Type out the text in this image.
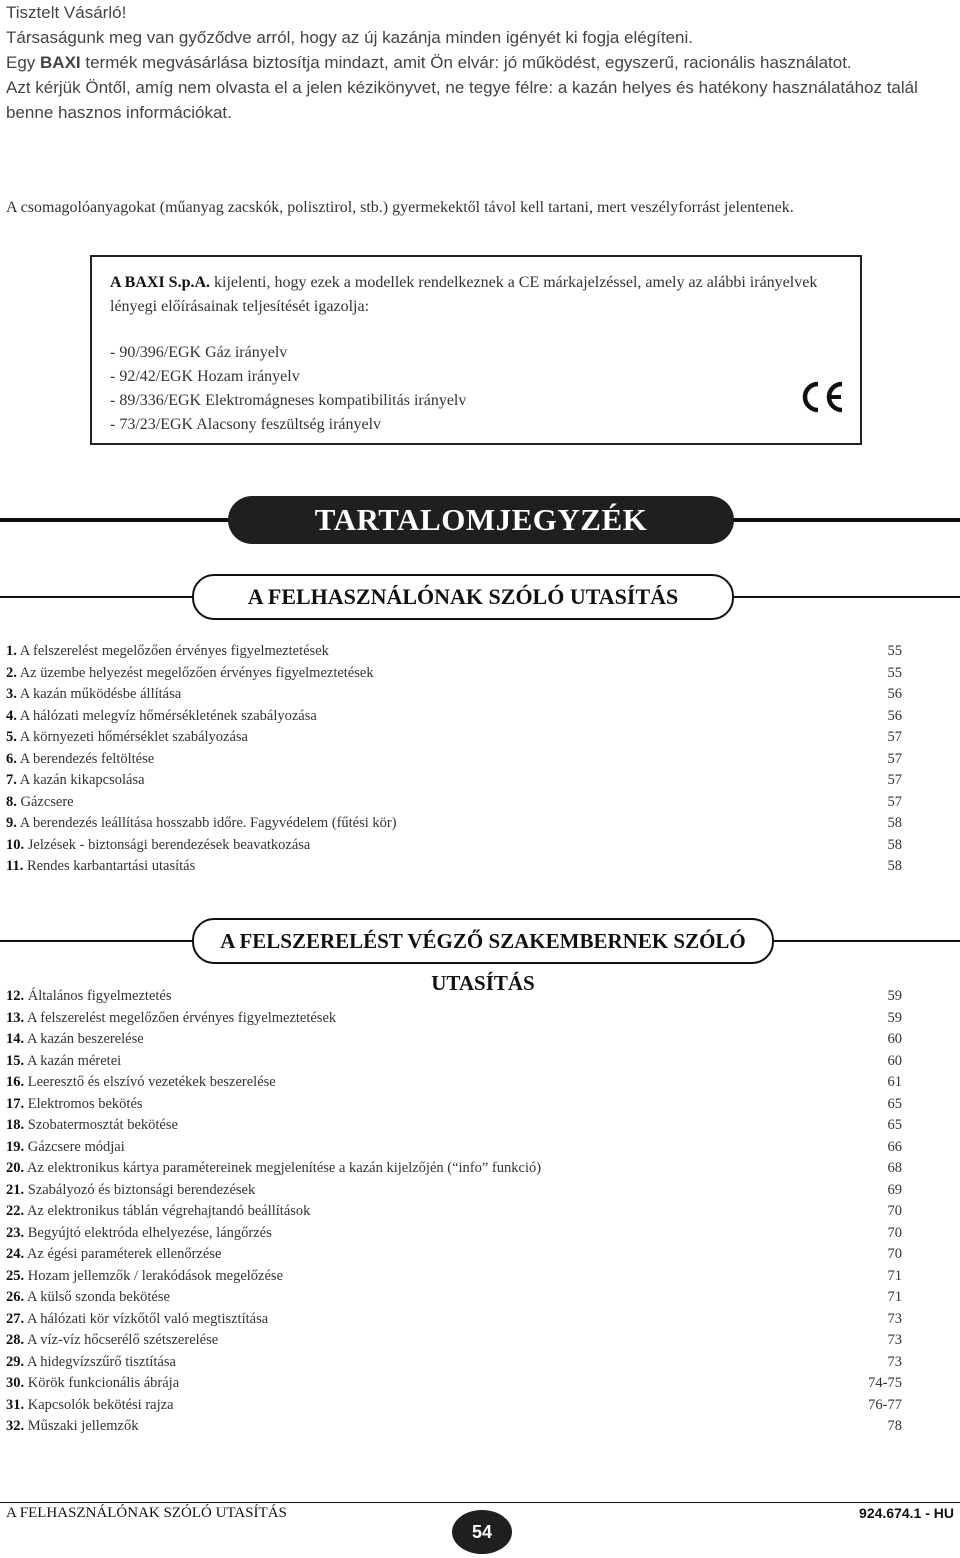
Tisztelt Vásárló!

Társaságunk meg van győződve arról, hogy az új kazánja minden igényét ki fogja elégíteni.

Egy BAXI termék megvásárlása biztosítja mindazt, amit Ön elvár: jó működést, egyszerű, racionális használatot.

Azt kérjük Öntől, amíg nem olvasta el a jelen kézikönyvet, ne tegye félre: a kazán helyes és hatékony használatához talál benne hasznos információkat.

A csomagolóanyagokat (műanyag zacskók, polisztirol, stb.) gyermekektől távol kell tartani, mert veszélyforrást jelentenek.

A BAXI S.p.A. kijelenti, hogy ezek a modellek rendelkeznek a CE márkajelzéssel, amely az alábbi irányelvek lényegi előírásainak teljesítését igazolja:

- 90/396/EGK Gáz irányelv
- 92/42/EGK Hozam irányelv
- 89/336/EGK Elektromágneses kompatibilitás irányelv
- 73/23/EGK Alacsony feszültség irányelv
TARTALOMJEGYZÉK
A FELHASZNÁLÓNAK SZÓLÓ UTASÍTÁS
1. A felszerelést megelőzően érvényes figyelmeztetések	55
2. Az üzembe helyezést megelőzően érvényes figyelmeztetések	55
3. A kazán működésbe állítása	56
4. A hálózati melegvíz hőmérsékletének szabályozása	56
5. A környezeti hőmérséklet szabályozása	57
6. A berendezés feltöltése	57
7. A kazán kikapcsolása	57
8. Gázcsere	57
9. A berendezés leállítása hosszabb időre. Fagyvédelem (fűtési kör)	58
10. Jelzések - biztonsági berendezések beavatkozása	58
11. Rendes karbantartási utasítás	58
A FELSZERELÉST VÉGZŐ SZAKEMBERNEK SZÓLÓ UTASÍTÁS
12. Általános figyelmeztetés	59
13. A felszerelést megelőzően érvényes figyelmeztetések	59
14. A kazán beszerelése	60
15. A kazán méretei	60
16. Leeresztő és elszívó vezetékek beszerelése	61
17. Elektromos bekötés	65
18. Szobatermosztát bekötése	65
19. Gázcsere módjai	66
20. Az elektronikus kártya paramétereinek megjelenítése a kazán kijelzőjén (“info” funkció)	68
21. Szabályozó és biztonsági berendezések	69
22. Az elektronikus táblán végrehajtandó beállítások	70
23. Begyújtó elektróda elhelyezése, lángőrzés	70
24. Az égési paraméterek ellenőrzése	70
25. Hozam jellemzők / lerakódások megelőzése	71
26. A külső szonda bekötése	71
27. A hálózati kör vízkőtől való megtisztítása	73
28. A víz-víz hőcserélő szétszerelése	73
29. A hidegvízszűrő tisztítása	73
30. Körök funkcionális ábrája	74-75
31. Kapcsolók bekötési rajza	76-77
32. Műszaki jellemzők	78
A FELHASZNÁLÓNAK SZÓLÓ UTASÍTÁS
54
924.674.1 - HU
